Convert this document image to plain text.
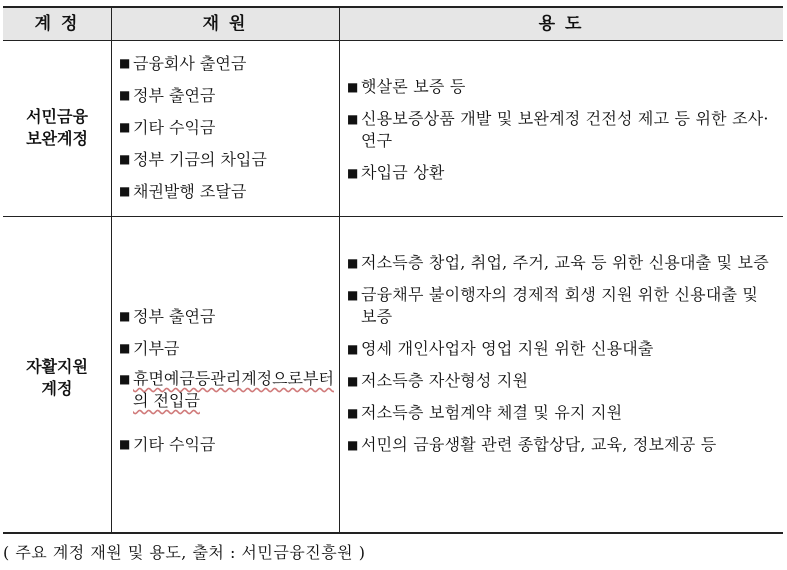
계 정	재 원	용 도
서민금융
보완계정
■ 금융회사 출연금
■ 정부 출연금
■ 기타 수익금
■ 정부 기금의 차입금
■ 채권발행 조달금
■ 햇살론 보증 등
■ 신용보증상품 개발 및 보완계정 건전성 제고 등 위한 조사·연구
■ 차입금 상환
자활지원
계정
■ 정부 출연금
■ 기부금
■ 휴면예금등관리계정으로부터의 전입금
■ 기타 수익금
■ 저소득층 창업, 취업, 주거, 교육 등 위한 신용대출 및 보증
■ 금융채무 불이행자의 경제적 회생 지원 위한 신용대출 및 보증
■ 영세 개인사업자 영업 지원 위한 신용대출
■ 저소득층 자산형성 지원
■ 저소득층 보험계약 체결 및 유지 지원
■ 서민의 금융생활 관련 종합상담, 교육, 정보제공 등
( 주요 계정 재원 및 용도, 출처 : 서민금융진흥원 )
